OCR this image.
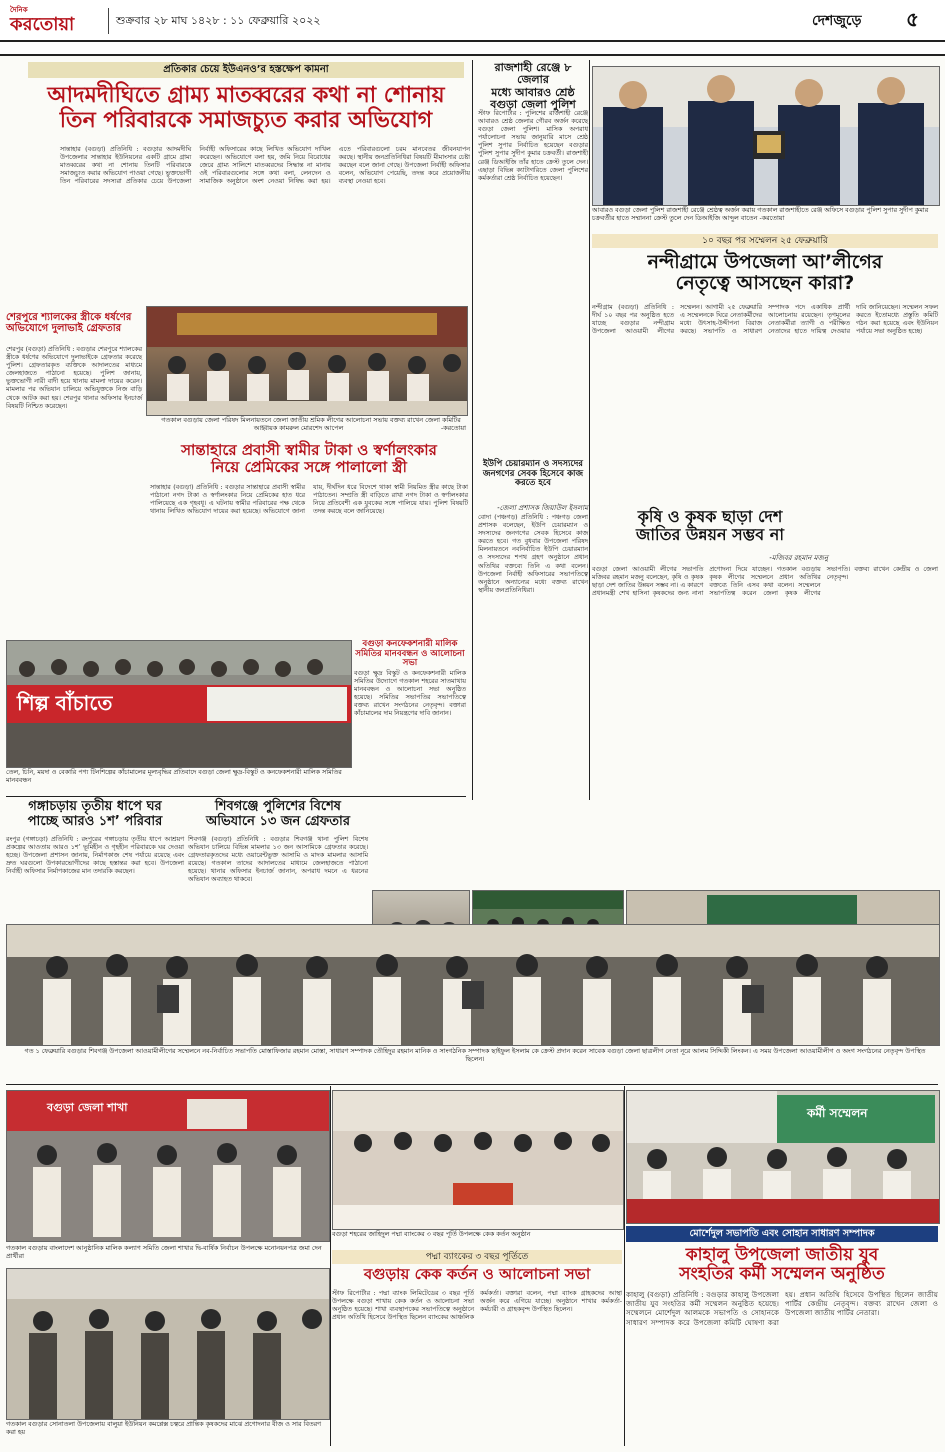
দৈনিক
করতোয়া	শুক্রবার ২৮ মাঘ ১৪২৮ : ১১ ফেব্রুয়ারি ২০২২	দেশজুড়ে ৫
প্রতিকার চেয়ে ইউএনও’র হস্তক্ষেপ কামনা
আদমদীঘিতে গ্রাম্য মাতব্বরের কথা না শোনায়
তিন পরিবারকে সমাজচ্যুত করার অভিযোগ
সান্তাহার (বগুড়া) প্রতিনিধি : বগুড়ার আদমদীঘি উপজেলার সান্তাহার ইউনিয়নের একটি গ্রামে গ্রাম্য মাতব্বরের কথা না শোনায় তিনটি পরিবারকে সমাজচ্যুত করার অভিযোগ পাওয়া গেছে। ভুক্তভোগী তিন পরিবারের সদস্যরা প্রতিকার চেয়ে উপজেলা নির্বাহী অফিসারের কাছে লিখিত অভিযোগ দাখিল করেছেন। অভিযোগে বলা হয়, জমি নিয়ে বিরোধের জেরে গ্রাম্য সালিশে মাতব্বরদের সিদ্ধান্ত না মানায় ওই পরিবারগুলোর সঙ্গে কথা বলা, লেনদেন ও সামাজিক অনুষ্ঠানে অংশ নেওয়া নিষিদ্ধ করা হয়। এতে পরিবারগুলো চরম মানবেতর জীবনযাপন করছে। স্থানীয় জনপ্রতিনিধিরা বিষয়টি মীমাংসার চেষ্টা করছেন বলে জানা গেছে। উপজেলা নির্বাহী অফিসার বলেন, অভিযোগ পেয়েছি, তদন্ত করে প্রয়োজনীয় ব্যবস্থা নেওয়া হবে।
শেরপুরে শ্যালকের স্ত্রীকে ধর্ষণের অভিযোগে দুলাভাই গ্রেফতার
শেরপুর (বগুড়া) প্রতিনিধি : বগুড়ার শেরপুরে শ্যালকের স্ত্রীকে ধর্ষণের অভিযোগে দুলাভাইকে গ্রেফতার করেছে পুলিশ। গ্রেফতারকৃত ব্যক্তিকে আদালতের মাধ্যমে জেলহাজতে পাঠানো হয়েছে। পুলিশ জানায়, ভুক্তভোগী নারী বাদী হয়ে থানায় মামলা দায়ের করেন। মামলার পর অভিযান চালিয়ে অভিযুক্তকে নিজ বাড়ি থেকে আটক করা হয়। শেরপুর থানার অফিসার ইনচার্জ বিষয়টি নিশ্চিত করেছেন।
গতকাল বগুড়ায় জেলা পরিষদ মিলনায়তনে জেলা জাতীয় শ্রমিক লীগের আলোচনা সভায় বক্তব্য রাখেন জেলা কমিটির আহ্বায়ক কামরুল মোরশেদ আপেল	-করতোয়া
সান্তাহারে প্রবাসী স্বামীর টাকা ও স্বর্ণালংকার
নিয়ে প্রেমিকের সঙ্গে পালালো স্ত্রী
সান্তাহার (বগুড়া) প্রতিনিধি : বগুড়ার সান্তাহারে প্রবাসী স্বামীর পাঠানো নগদ টাকা ও স্বর্ণালংকার নিয়ে প্রেমিকের হাত ধরে পালিয়েছে এক গৃহবধূ। এ ঘটনায় স্বামীর পরিবারের পক্ষ থেকে থানায় লিখিত অভিযোগ দায়ের করা হয়েছে। অভিযোগে জানা যায়, দীর্ঘদিন ধরে বিদেশে থাকা স্বামী নিয়মিত স্ত্রীর কাছে টাকা পাঠাতেন। সম্প্রতি স্ত্রী বাড়িতে রাখা নগদ টাকা ও স্বর্ণালংকার নিয়ে প্রতিবেশী এক যুবকের সঙ্গে পালিয়ে যায়। পুলিশ বিষয়টি তদন্ত করছে বলে জানিয়েছে।
শিল্প বাঁচাতে
তেল, চিনি, ময়দা ও বেকারি পণ্য টিনশিল্পের কাঁচামালের মূল্যবৃদ্ধির প্রতিবাদে বগুড়া জেলা ক্ষুদ্র-বিস্কুট ও কনফেকশনারী মালিক সমিতির মানববন্ধন
বগুড়া কনফেকশনারী মালিক সমিতির মানববন্ধন ও আলোচনা সভা
বগুড়া ক্ষুদ্র বিস্কুট ও কনফেকশনারী মালিক সমিতির উদ্যোগে গতকাল শহরের সাতমাথায় মানববন্ধন ও আলোচনা সভা অনুষ্ঠিত হয়েছে। সমিতির সভাপতির সভাপতিত্বে বক্তব্য রাখেন সংগঠনের নেতৃবৃন্দ। বক্তারা কাঁচামালের দাম নিয়ন্ত্রণের দাবি জানান।
গঙ্গাচড়ায় তৃতীয় ধাপে ঘর
পাচ্ছে আরও ১শ’ পরিবার
রংপুর (গঙ্গাচড়া) প্রতিনিধি : রংপুরের গঙ্গাচড়ায় তৃতীয় ধাপে আশ্রয়ণ প্রকল্পের আওতায় আরও ১শ’ ভূমিহীন ও গৃহহীন পরিবারকে ঘর দেওয়া হচ্ছে। উপজেলা প্রশাসন জানায়, নির্মাণকাজ শেষ পর্যায়ে রয়েছে এবং দ্রুত ঘরগুলো উপকারভোগীদের কাছে হস্তান্তর করা হবে। উপজেলা নির্বাহী অফিসার নির্মাণকাজের মান তদারকি করছেন।
শিবগঞ্জে পুলিশের বিশেষ
অভিযানে ১৩ জন গ্রেফতার
শিবগঞ্জ (বগুড়া) প্রতিনিধি : বগুড়ার শিবগঞ্জ থানা পুলিশ বিশেষ অভিযান চালিয়ে বিভিন্ন মামলার ১৩ জন আসামিকে গ্রেফতার করেছে। গ্রেফতারকৃতদের মধ্যে ওয়ারেন্টভুক্ত আসামি ও মাদক মামলার আসামি রয়েছে। গতকাল তাদের আদালতের মাধ্যমে জেলহাজতে পাঠানো হয়েছে। থানার অফিসার ইনচার্জ জানান, অপরাধ দমনে এ ধরনের অভিযান অব্যাহত থাকবে।
রাজশাহী রেঞ্জে ৮ জেলার
মধ্যে আবারও শ্রেষ্ঠ
বগুড়া জেলা পুলিশ
স্টাফ রিপোর্টার : পুলিশের রাজশাহী রেঞ্জে আবারও শ্রেষ্ঠ জেলার গৌরব অর্জন করেছে বগুড়া জেলা পুলিশ। মাসিক অপরাধ পর্যালোচনা সভায় জানুয়ারি মাসে শ্রেষ্ঠ পুলিশ সুপার নির্বাচিত হয়েছেন বগুড়ার পুলিশ সুপার সুদীপ কুমার চক্রবর্তী। রাজশাহী রেঞ্জ ডিআইজি তাঁর হাতে ক্রেস্ট তুলে দেন। এছাড়া বিভিন্ন ক্যাটাগরিতে জেলা পুলিশের কর্মকর্তারা শ্রেষ্ঠ নির্বাচিত হয়েছেন।
ইউপি চেয়ারম্যান ও সদস্যদের জনগণের সেবক হিসেবে কাজ করতে হবে
-জেলা প্রশাসক জিয়াউল ইসলাম
বোদা (পঞ্চগড়) প্রতিনিধি : পঞ্চগড় জেলা প্রশাসক বলেছেন, ইউপি চেয়ারম্যান ও সদস্যদের জনগণের সেবক হিসেবে কাজ করতে হবে। গত বুধবার উপজেলা পরিষদ মিলনায়তনে নবনির্বাচিত ইউপি চেয়ারম্যান ও সদস্যদের শপথ গ্রহণ অনুষ্ঠানে প্রধান অতিথির বক্তব্যে তিনি এ কথা বলেন। উপজেলা নির্বাহী অফিসারের সভাপতিত্বে অনুষ্ঠানে অন্যান্যের মধ্যে বক্তব্য রাখেন স্থানীয় জনপ্রতিনিধিরা।
আবারও বগুড়া জেলা পুলিশ রাজশাহী রেঞ্জে শ্রেষ্ঠত্ব অর্জন করায় গতকাল রাজশাহীতে রেঞ্জ অফিসে বগুড়ার পুলিশ সুপার সুদীপ কুমার চক্রবর্তীর হাতে সম্মাননা ক্রেস্ট তুলে দেন ডিআইজি আব্দুল বাতেন -করতোয়া
১০ বছর পর সম্মেলন ২৫ ফেব্রুয়ারি
নন্দীগ্রামে উপজেলা আ’লীগের
নেতৃত্বে আসছেন কারা?
নন্দীগ্রাম (বগুড়া) প্রতিনিধি : দীর্ঘ ১০ বছর পর অনুষ্ঠিত হতে যাচ্ছে বগুড়ার নন্দীগ্রাম উপজেলা আওয়ামী লীগের সম্মেলন। আগামী ২৫ ফেব্রুয়ারি এ সম্মেলনকে ঘিরে নেতাকর্মীদের মধ্যে উৎসাহ-উদ্দীপনা বিরাজ করছে। সভাপতি ও সাধারণ সম্পাদক পদে একাধিক প্রার্থী আলোচনায় রয়েছেন। তৃণমূলের নেতাকর্মীরা ত্যাগী ও পরীক্ষিত নেতাদের হাতে দায়িত্ব দেওয়ার দাবি জানিয়েছেন। সম্মেলন সফল করতে ইতোমধ্যে প্রস্তুতি কমিটি গঠন করা হয়েছে এবং ইউনিয়ন পর্যায়ে সভা অনুষ্ঠিত হচ্ছে।
কৃষি ও কৃষক ছাড়া দেশ
জাতির উন্নয়ন সম্ভব না
-মজিবর রহমান মজনু
বগুড়া জেলা আওয়ামী লীগের সভাপতি মজিবর রহমান মজনু বলেছেন, কৃষি ও কৃষক ছাড়া দেশ জাতির উন্নয়ন সম্ভব না। এ কারণে প্রধানমন্ত্রী শেখ হাসিনা কৃষকদের জন্য নানা প্রণোদনা দিয়ে যাচ্ছেন। গতকাল বগুড়ায় কৃষক লীগের সম্মেলনে প্রধান অতিথির বক্তব্যে তিনি এসব কথা বলেন। সম্মেলনে সভাপতিত্ব করেন জেলা কৃষক লীগের সভাপতি। বক্তব্য রাখেন কেন্দ্রীয় ও জেলা নেতৃবৃন্দ।
গত ১ ফেব্রুয়ারি বগুড়ার শিবগঞ্জ উপজেলা আওয়ামীলীগের সম্মেলনে নব-নির্বাচিত সভাপতি মোস্তাফিজার রহমান মোস্তা, সাধারণ সম্পাদক তৌহিদুর রহমান মানিক ও সাংগঠনিক সম্পাদক ছাইফুল ইসলাম কে ক্রেস্ট প্রদান করেন সাবেক বগুড়া জেলা ছাত্রলীগ নেতা নূরে আলম সিদ্দিকী লিংকন। এ সময় উপজেলা আওয়ামীলীগ ও অংগ সংগঠনের নেতৃবৃন্দ উপস্থিত ছিলেন।
বগুড়া জেলা শাখা
গতকাল বগুড়ায় বাংলাদেশ আনুষ্ঠানিক মালিক কল্যাণ সমিতি জেলা শাখার দ্বি-বার্ষিক নির্বাচন উপলক্ষে মনোনয়নপত্র জমা দেন প্রার্থীরা
গতকাল বগুড়ার সোনাতলা উপজেলায় বালুয়া ইউনিয়ন কমপ্লেক্স চত্বরে প্রান্তিক কৃষকদের মাঝে প্রণোদনার বীজ ও সার বিতরণ করা হয়
বগুড়া শহরের জাহিদুল পদ্মা ব্যাংকের ৩ বছর পূর্তি উপলক্ষে কেক কর্তন অনুষ্ঠান
পদ্মা ব্যাংকের ৩ বছর পূর্তিতে
বগুড়ায় কেক কর্তন ও আলোচনা সভা
স্টাফ রিপোর্টার : পদ্মা ব্যাংক লিমিটেডের ৩ বছর পূর্তি উপলক্ষে বগুড়া শাখায় কেক কর্তন ও আলোচনা সভা অনুষ্ঠিত হয়েছে। শাখা ব্যবস্থাপকের সভাপতিত্বে অনুষ্ঠানে প্রধান অতিথি হিসেবে উপস্থিত ছিলেন ব্যাংকের আঞ্চলিক কর্মকর্তা। বক্তারা বলেন, পদ্মা ব্যাংক গ্রাহকদের আস্থা অর্জন করে এগিয়ে যাচ্ছে। অনুষ্ঠানে শাখার কর্মকর্তা-কর্মচারী ও গ্রাহকবৃন্দ উপস্থিত ছিলেন।
কর্মী সম্মেলন
মোর্শেদুল সভাপতি এবং সোহান সাধারণ সম্পাদক
কাহালু উপজেলা জাতীয় যুব
সংহতির কর্মী সম্মেলন অনুষ্ঠিত
কাহালু (বগুড়া) প্রতিনিধি : বগুড়ার কাহালু উপজেলা জাতীয় যুব সংহতির কর্মী সম্মেলন অনুষ্ঠিত হয়েছে। সম্মেলনে মোর্শেদুল আলমকে সভাপতি ও সোহানকে সাধারণ সম্পাদক করে উপজেলা কমিটি ঘোষণা করা হয়। প্রধান অতিথি হিসেবে উপস্থিত ছিলেন জাতীয় পার্টির কেন্দ্রীয় নেতৃবৃন্দ। বক্তব্য রাখেন জেলা ও উপজেলা জাতীয় পার্টির নেতারা।
